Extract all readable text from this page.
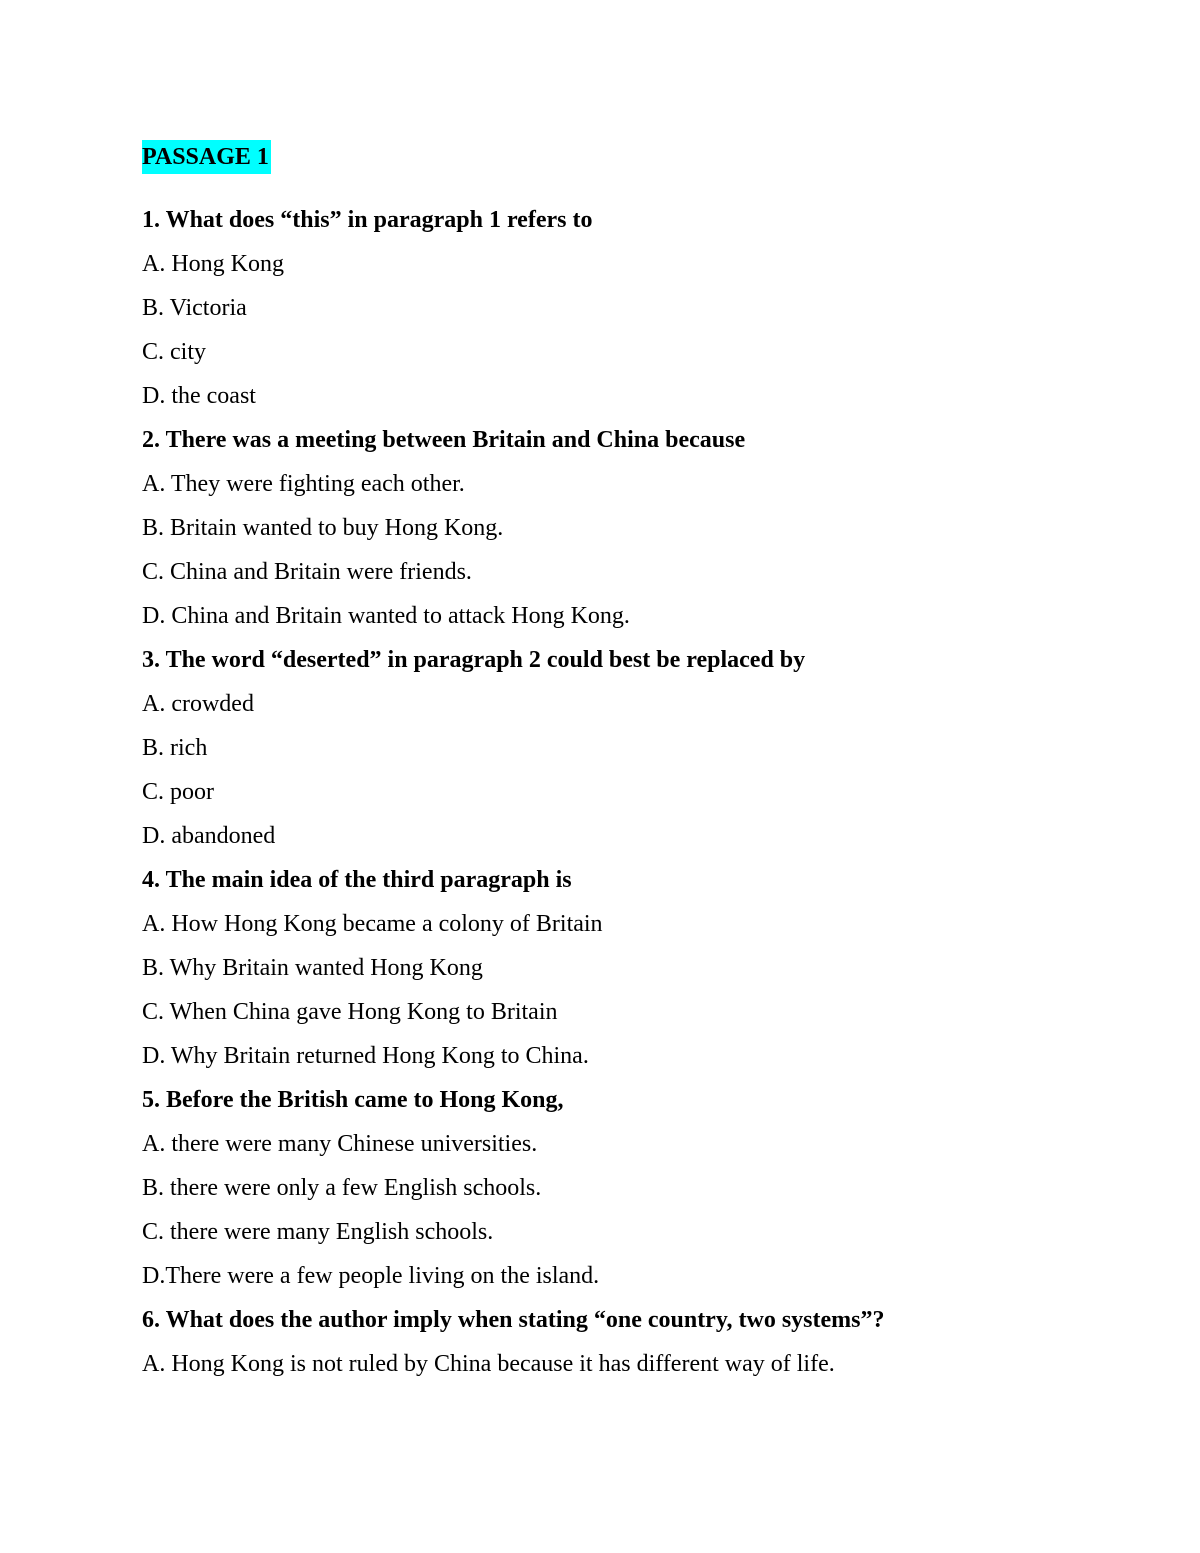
PASSAGE 1
1. What does “this” in paragraph 1 refers to
A. Hong Kong
B. Victoria
C. city
D. the coast
2. There was a meeting between Britain and China because
A. They were fighting each other.
B. Britain wanted to buy Hong Kong.
C. China and Britain were friends.
D. China and Britain wanted to attack Hong Kong.
3. The word “deserted” in paragraph 2 could best be replaced by
A. crowded
B. rich
C. poor
D. abandoned
4. The main idea of the third paragraph is
A. How Hong Kong became a colony of Britain
B. Why Britain wanted Hong Kong
C. When China gave Hong Kong to Britain
D. Why Britain returned Hong Kong to China.
5. Before the British came to Hong Kong,
A. there were many Chinese universities.
B. there were only a few English schools.
C. there were many English schools.
D.There were a few people living on the island.
6. What does the author imply when stating “one country, two systems”?
A. Hong Kong is not ruled by China because it has different way of life.
